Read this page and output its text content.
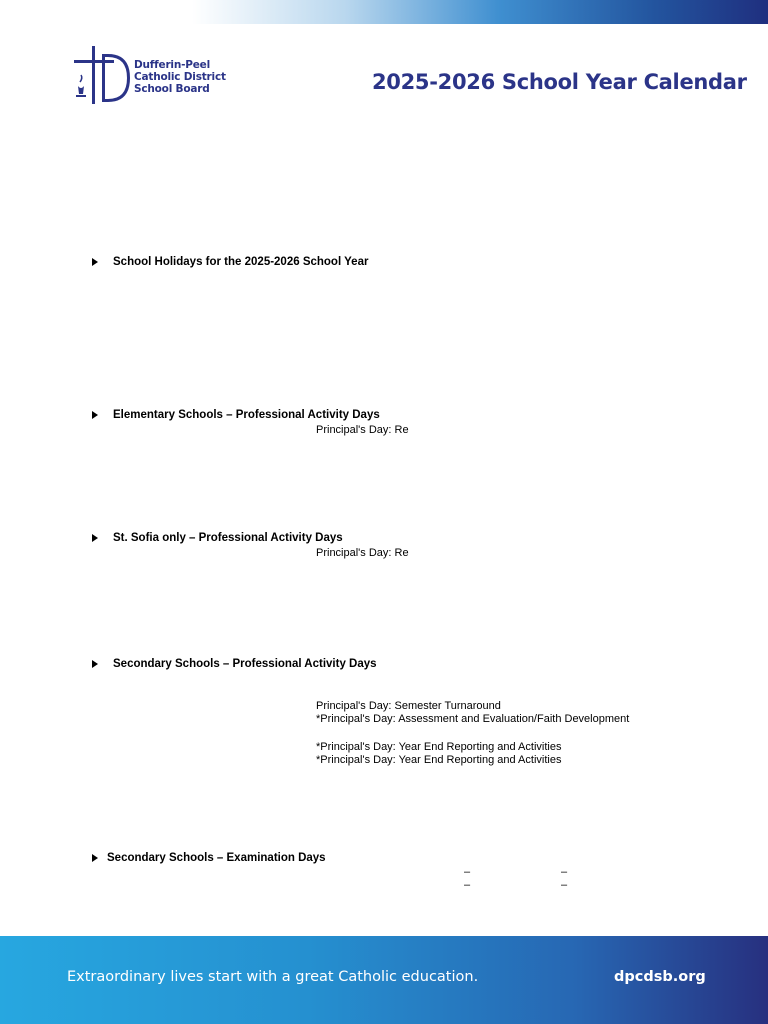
Dufferin-Peel
Catholic District
School Board	2025-2026 School Year Calendar
School Holidays for the 2025-2026 School Year
Elementary Schools – Professional Activity Days
Principal's Day: Re
St. Sofia only – Professional Activity Days
Principal's Day: Re
Secondary Schools – Professional Activity Days
Principal's Day: Semester Turnaround
*Principal's Day: Assessment and Evaluation/Faith Development
*Principal's Day: Year End Reporting and Activities
*Principal's Day: Year End Reporting and Activities
Secondary Schools – Examination Days
–	–
–	–
Extraordinary lives start with a great Catholic education.	dpcdsb.org
